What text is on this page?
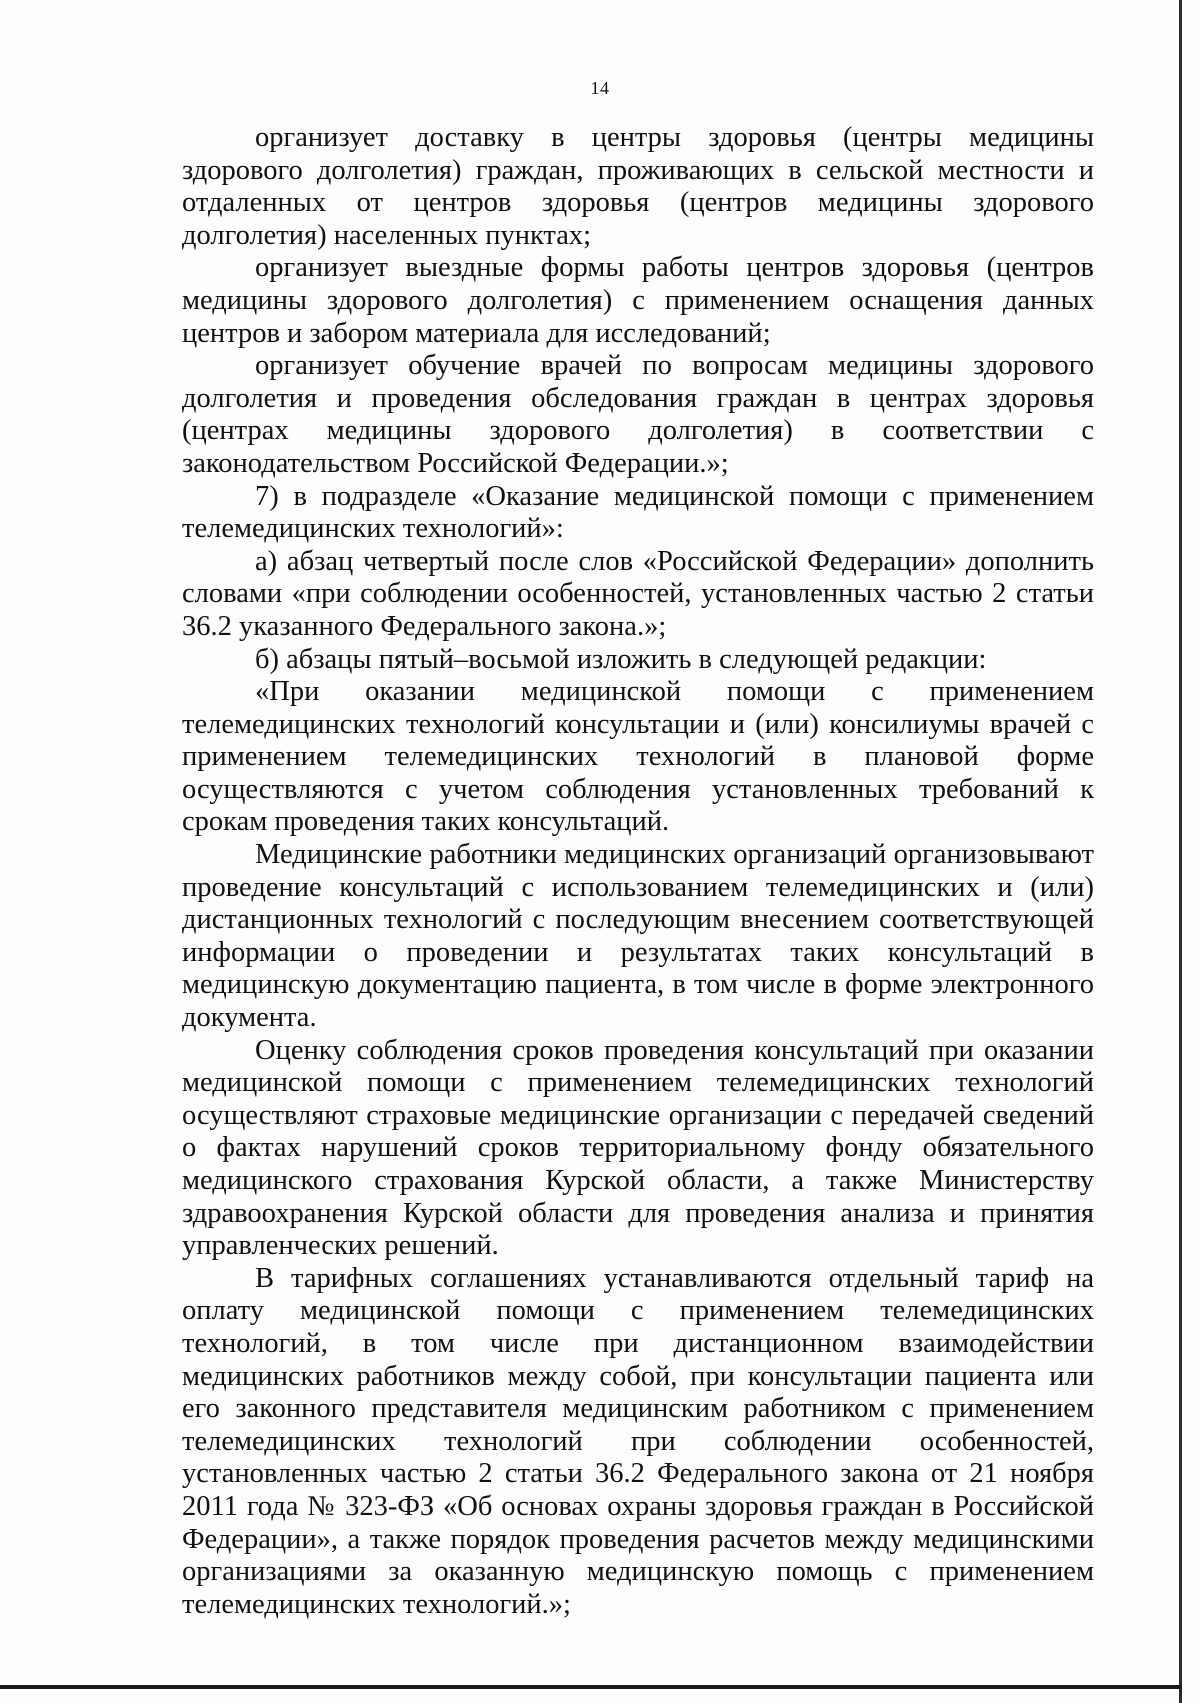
14

организует доставку в центры здоровья (центры медицины здорового долголетия) граждан, проживающих в сельской местности и отдаленных от центров здоровья (центров медицины здорового долголетия) населенных пунктах;

организует выездные формы работы центров здоровья (центров медицины здорового долголетия) с применением оснащения данных центров и забором материала для исследований;

организует обучение врачей по вопросам медицины здорового долголетия и проведения обследования граждан в центрах здоровья (центрах медицины здорового долголетия) в соответствии с законодательством Российской Федерации.»;

7) в подразделе «Оказание медицинской помощи с применением телемедицинских технологий»:

а) абзац четвертый после слов «Российской Федерации» дополнить словами «при соблюдении особенностей, установленных частью 2 статьи 36.2 указанного Федерального закона.»;

б) абзацы пятый–восьмой изложить в следующей редакции:

«При оказании медицинской помощи с применением телемедицинских технологий консультации и (или) консилиумы врачей с применением телемедицинских технологий в плановой форме осуществляются с учетом соблюдения установленных требований к срокам проведения таких консультаций.

Медицинские работники медицинских организаций организовывают проведение консультаций с использованием телемедицинских и (или) дистанционных технологий с последующим внесением соответствующей информации о проведении и результатах таких консультаций в медицинскую документацию пациента, в том числе в форме электронного документа.

Оценку соблюдения сроков проведения консультаций при оказании медицинской помощи с применением телемедицинских технологий осуществляют страховые медицинские организации с передачей сведений о фактах нарушений сроков территориальному фонду обязательного медицинского страхования Курской области, а также Министерству здравоохранения Курской области для проведения анализа и принятия управленческих решений.

В тарифных соглашениях устанавливаются отдельный тариф на оплату медицинской помощи с применением телемедицинских технологий, в том числе при дистанционном взаимодействии медицинских работников между собой, при консультации пациента или его законного представителя медицинским работником с применением телемедицинских технологий при соблюдении особенностей, установленных частью 2 статьи 36.2 Федерального закона от 21 ноября 2011 года № 323-ФЗ «Об основах охраны здоровья граждан в Российской Федерации», а также порядок проведения расчетов между медицинскими организациями за оказанную медицинскую помощь с применением телемедицинских технологий.»;
